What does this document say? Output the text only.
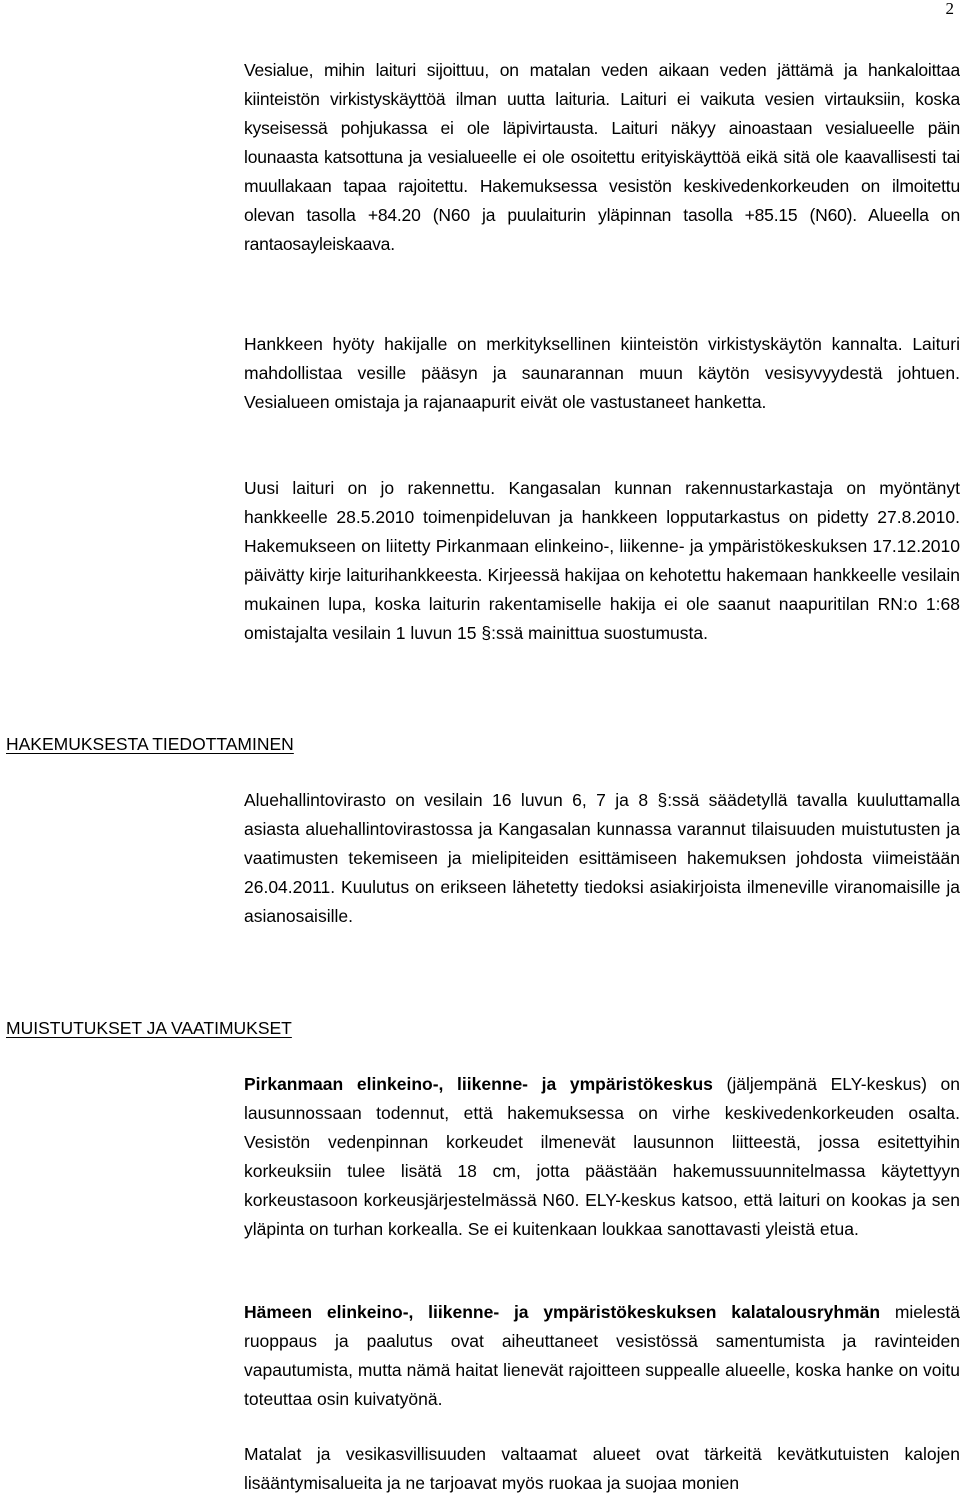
2

Vesialue, mihin laituri sijoittuu, on matalan veden aikaan veden jättämä ja hankaloittaa kiinteistön virkistyskäyttöä ilman uutta laituria. Laituri ei vaikuta vesien virtauksiin, koska kyseisessä pohjukassa ei ole läpivirtausta. Laituri näkyy ainoastaan vesialueelle päin lounaasta katsottuna ja vesialueelle ei ole osoitettu erityiskäyttöä eikä sitä ole kaavallisesti tai muullakaan tapaa rajoitettu. Hakemuksessa vesistön keskivedenkorkeuden on ilmoitettu olevan tasolla +84.20 (N60 ja puulaiturin yläpinnan tasolla +85.15 (N60). Alueella on rantaosayleiskaava.

Hankkeen hyöty hakijalle on merkityksellinen kiinteistön virkistyskäytön kannalta. Laituri mahdollistaa vesille pääsyn ja saunarannan muun käytön vesisyvyydestä johtuen. Vesialueen omistaja ja rajanaapurit eivät ole vastustaneet hanketta.

Uusi laituri on jo rakennettu. Kangasalan kunnan rakennustarkastaja on myöntänyt hankkeelle 28.5.2010 toimenpideluvan ja hankkeen lopputarkastus on pidetty 27.8.2010. Hakemukseen on liitetty Pirkanmaan elinkeino-, liikenne- ja ympäristökeskuksen 17.12.2010 päivätty kirje laiturihankkeesta. Kirjeessä hakijaa on kehotettu hakemaan hankkeelle vesilain mukainen lupa, koska laiturin rakentamiselle hakija ei ole saanut naapuritilan RN:o 1:68 omistajalta vesilain 1 luvun 15 §:ssä mainittua suostumusta.

HAKEMUKSESTA TIEDOTTAMINEN

Aluehallintovirasto on vesilain 16 luvun 6, 7 ja 8 §:ssä säädetyllä tavalla kuuluttamalla asiasta aluehallintovirastossa ja Kangasalan kunnassa varannut tilaisuuden muistutusten ja vaatimusten tekemiseen ja mielipiteiden esittämiseen hakemuksen johdosta viimeistään 26.04.2011. Kuulutus on erikseen lähetetty tiedoksi asiakirjoista ilmeneville viranomaisille ja asianosaisille.

MUISTUTUKSET JA VAATIMUKSET

Pirkanmaan elinkeino-, liikenne- ja ympäristökeskus (jäljempänä ELY-keskus) on lausunnossaan todennut, että hakemuksessa on virhe keskivedenkorkeuden osalta. Vesistön vedenpinnan korkeudet ilmenevät lausunnon liitteestä, jossa esitettyihin korkeuksiin tulee lisätä 18 cm, jotta päästään hakemussuunnitelmassa käytettyyn korkeustasoon korkeusjärjestelmässä N60. ELY-keskus katsoo, että laituri on kookas ja sen yläpinta on turhan korkealla. Se ei kuitenkaan loukkaa sanottavasti yleistä etua.

Hämeen elinkeino-, liikenne- ja ympäristökeskuksen kalatalousryhmän mielestä ruoppaus ja paalutus ovat aiheuttaneet vesistössä samentumista ja ravinteiden vapautumista, mutta nämä haitat lienevät rajoitteen suppealle alueelle, koska hanke on voitu toteuttaa osin kuivatyönä.

Matalat ja vesikasvillisuuden valtaamat alueet ovat tärkeitä kevätkutuisten kalojen lisääntymisalueita ja ne tarjoavat myös ruokaa ja suojaa monien
